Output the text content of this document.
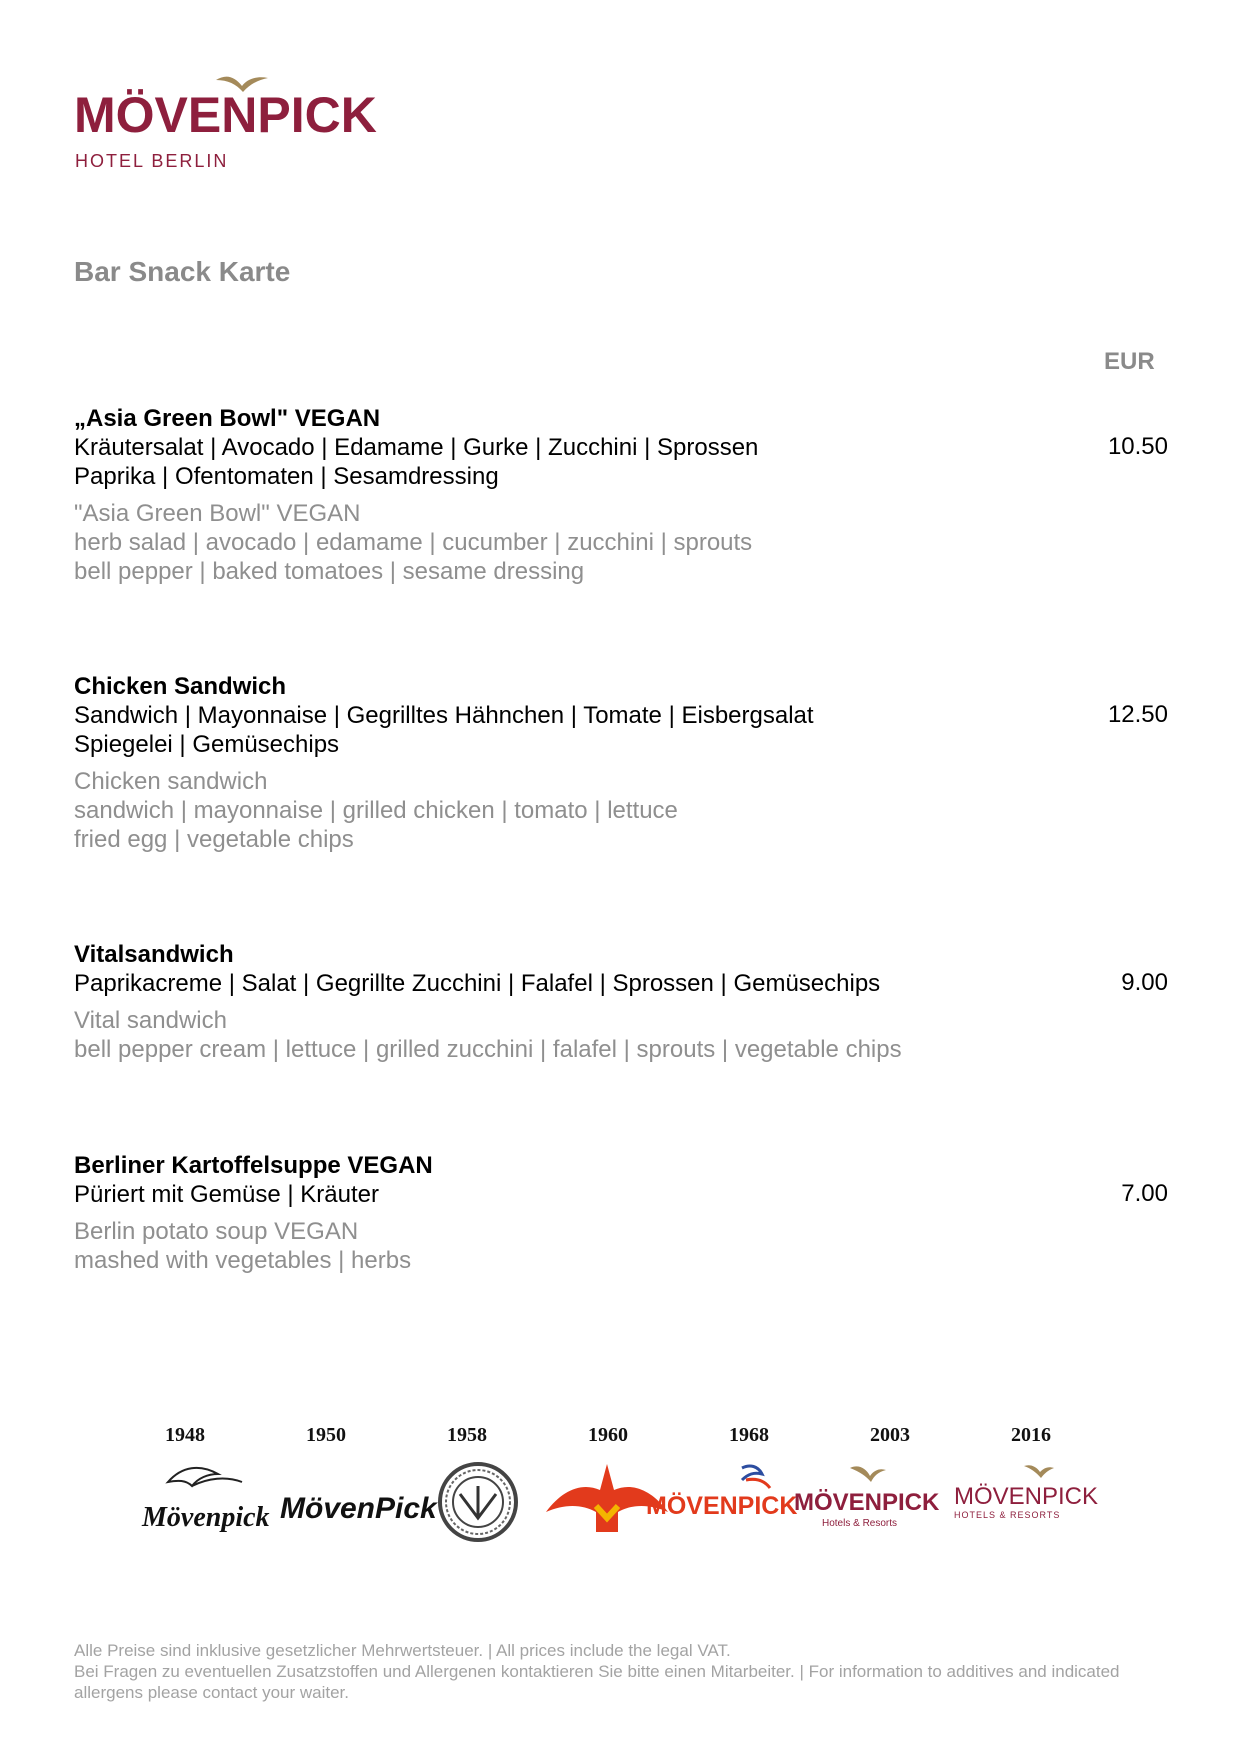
MÖVENPICK
HOTEL BERLIN
Bar Snack Karte
EUR
„Asia Green Bowl" VEGAN
Kräutersalat | Avocado | Edamame | Gurke | Zucchini | Sprossen
Paprika | Ofentomaten | Sesamdressing
"Asia Green Bowl" VEGAN
herb salad | avocado | edamame | cucumber | zucchini | sprouts
bell pepper | baked tomatoes | sesame dressing
10.50
Chicken Sandwich
Sandwich | Mayonnaise | Gegrilltes Hähnchen | Tomate | Eisbergsalat
Spiegelei | Gemüsechips
Chicken sandwich
sandwich | mayonnaise | grilled chicken | tomato | lettuce
fried egg | vegetable chips
12.50
Vitalsandwich
Paprikacreme | Salat | Gegrillte Zucchini | Falafel | Sprossen | Gemüsechips
Vital sandwich
bell pepper cream | lettuce | grilled zucchini | falafel | sprouts | vegetable chips
9.00
Berliner Kartoffelsuppe VEGAN
Püriert mit Gemüse | Kräuter
Berlin potato soup VEGAN
mashed with vegetables | herbs
7.00
1948	1950	1958	1960	1968	2003	2016
Mövenpick MövenPick	MÖVENPICK
MÖVENPICK
Hotels & Resorts
MÖVENPICK
HOTELS & RESORTS
Alle Preise sind inklusive gesetzlicher Mehrwertsteuer. | All prices include the legal VAT.
Bei Fragen zu eventuellen Zusatzstoffen und Allergenen kontaktieren Sie bitte einen Mitarbeiter. | For information to additives and indicated allergens please contact your waiter.
